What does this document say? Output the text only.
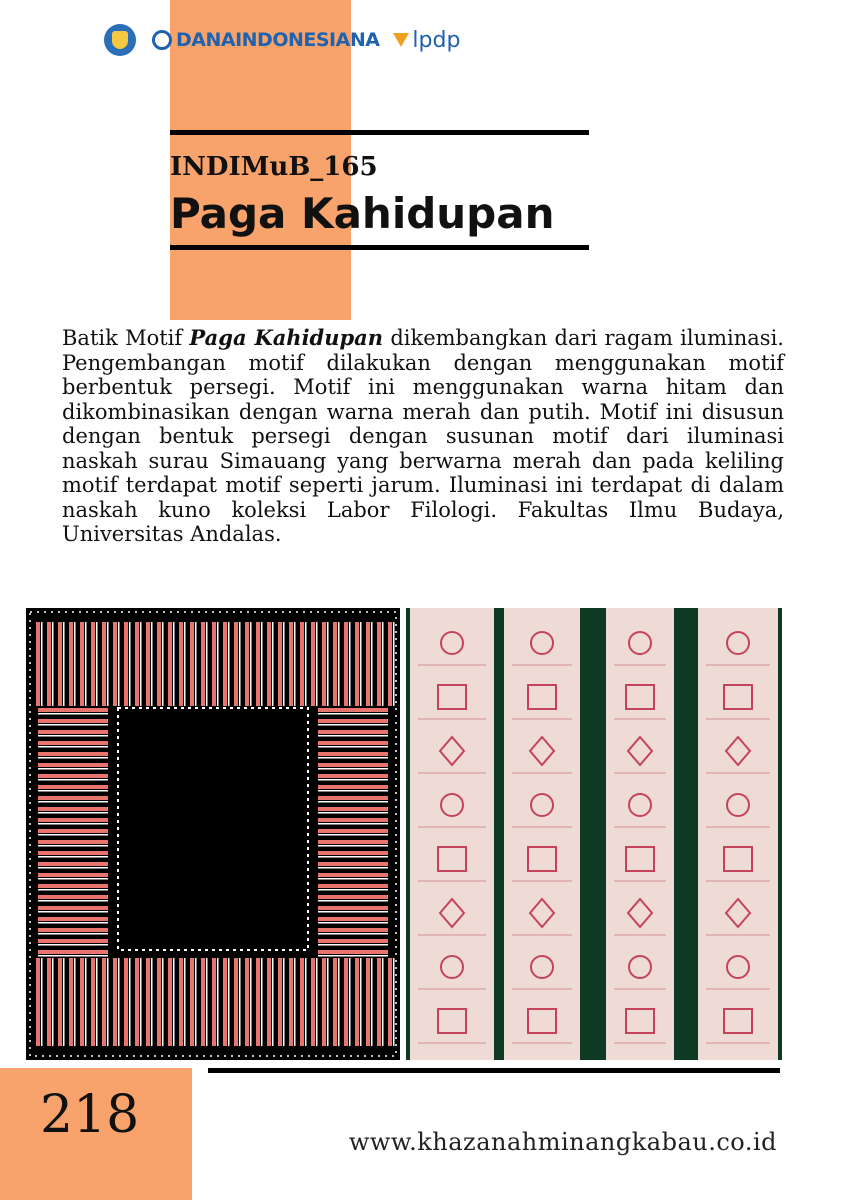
DANAINDONESIANA lpdp

INDIMuB_165

Paga Kahidupan

Batik Motif Paga Kahidupan dikembangkan dari ragam iluminasi. Pengembangan motif dilakukan dengan menggunakan motif berbentuk persegi. Motif ini menggunakan warna hitam dan dikombinasikan dengan warna merah dan putih. Motif ini disusun dengan bentuk persegi dengan susunan motif dari iluminasi naskah surau Simauang yang berwarna merah dan pada keliling motif terdapat motif seperti jarum. Iluminasi ini terdapat di dalam naskah kuno koleksi Labor Filologi. Fakultas Ilmu Budaya, Universitas Andalas.

218	www.khazanahminangkabau.co.id
